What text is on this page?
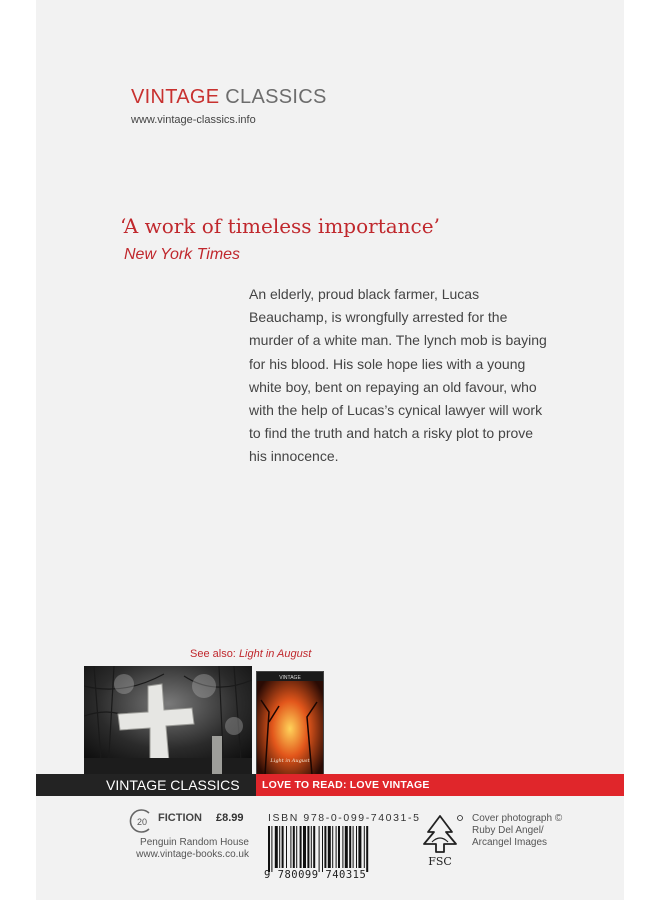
VINTAGE CLASSICS
www.vintage-classics.info
‘A work of timeless importance’
New York Times

An elderly, proud black farmer, Lucas Beauchamp, is wrongfully arrested for the murder of a white man. The lynch mob is baying for his blood. His sole hope lies with a young white boy, bent on repaying an old favour, who with the help of Lucas’s cynical lawyer will work to find the truth and hatch a risky plot to prove his innocence.

See also: Light in August
VINTAGE
Light in August
VINTAGE CLASSICS LOVE TO READ: LOVE VINTAGE
20 FICTION £8.99
Penguin Random House
www.vintage-books.co.uk
ISBN 978-0-099-74031-5
9 780099 740315
FSC
Cover photograph ©
Ruby Del Angel/
Arcangel Images
